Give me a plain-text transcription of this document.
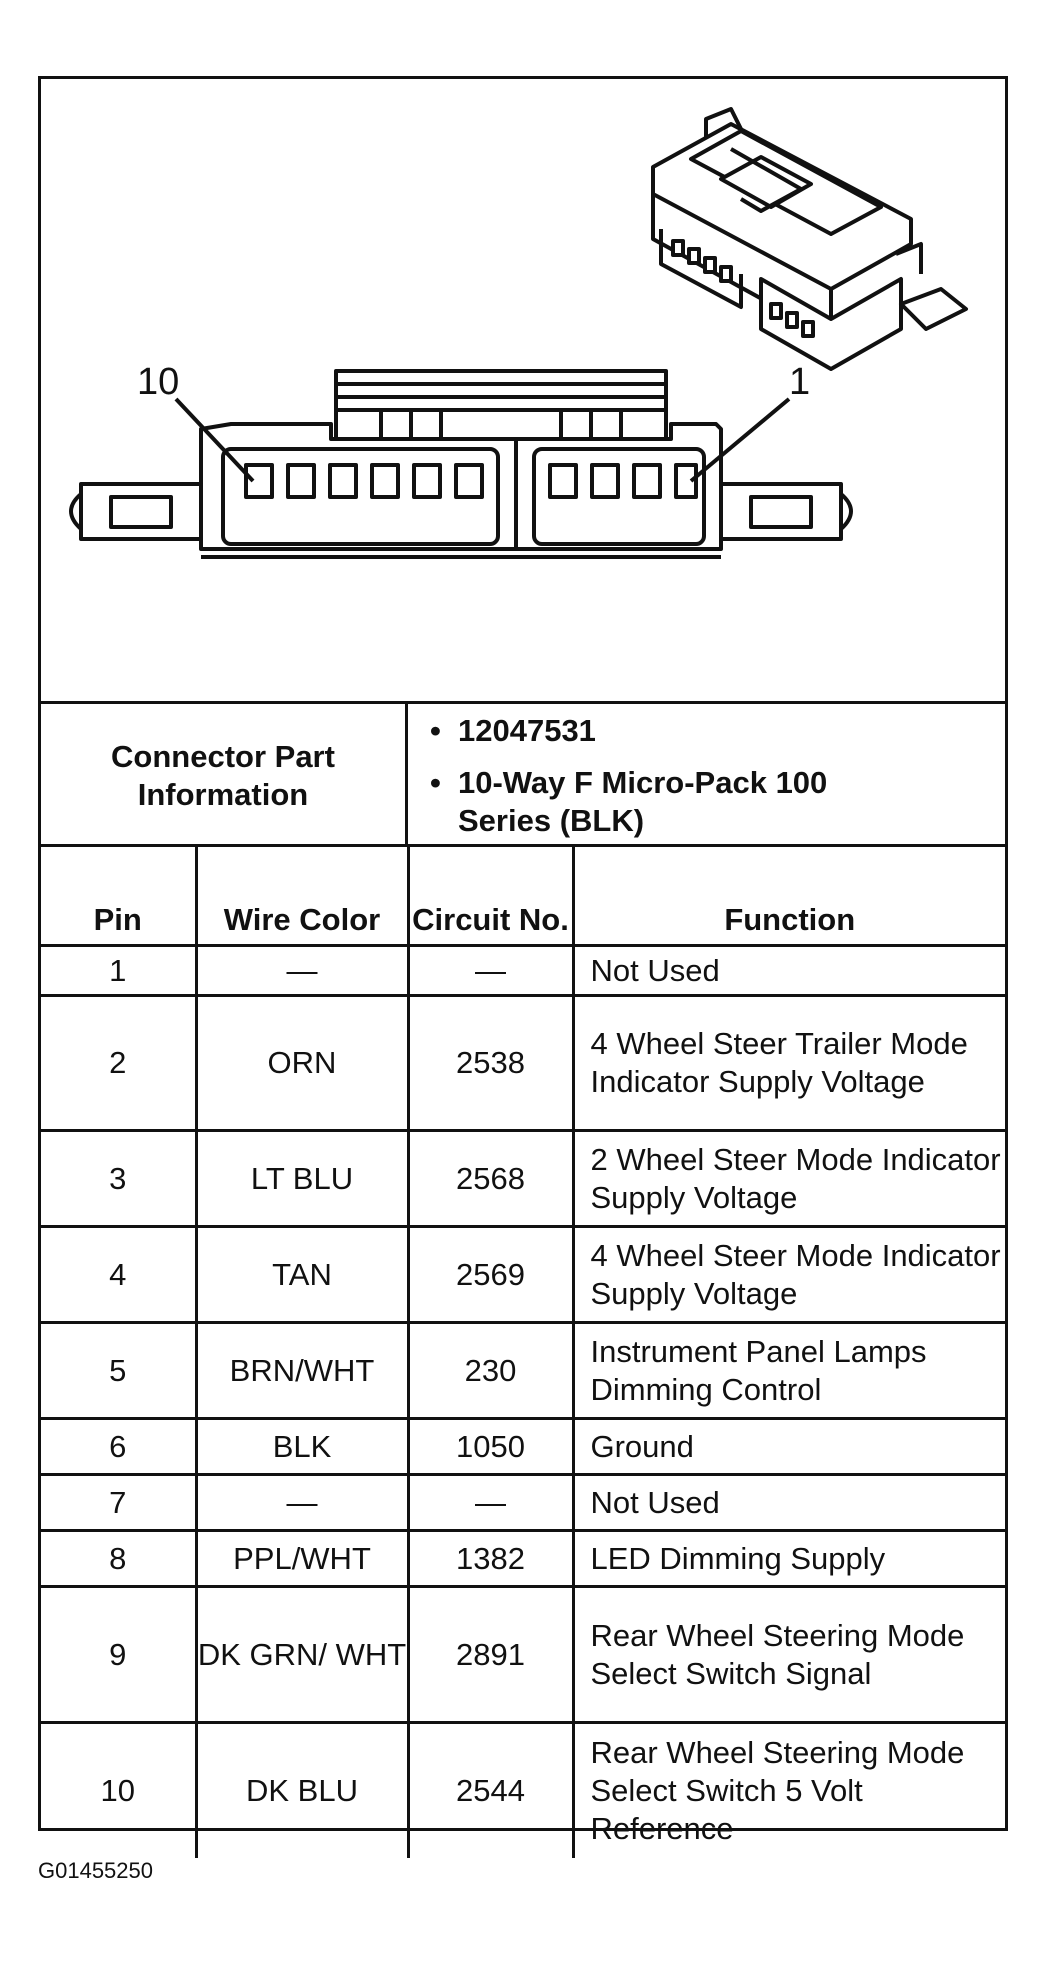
10	1
Connector Part Information
• 12047531
• 10-Way F Micro-Pack 100 Series (BLK)
Pin	Wire Color	Circuit No.	Function
1	—	—	Not Used
2	ORN	2538	4 Wheel Steer Trailer Mode Indicator Supply Voltage
3	LT BLU	2568	2 Wheel Steer Mode Indicator Supply Voltage
4	TAN	2569	4 Wheel Steer Mode Indicator Supply Voltage
5	BRN/WHT	230	Instrument Panel Lamps Dimming Control
6	BLK	1050	Ground
7	—	—	Not Used
8	PPL/WHT	1382	LED Dimming Supply
9	DK GRN/ WHT	2891	Rear Wheel Steering Mode Select Switch Signal
10	DK BLU	2544	Rear Wheel Steering Mode Select Switch 5 Volt Reference
G01455250
